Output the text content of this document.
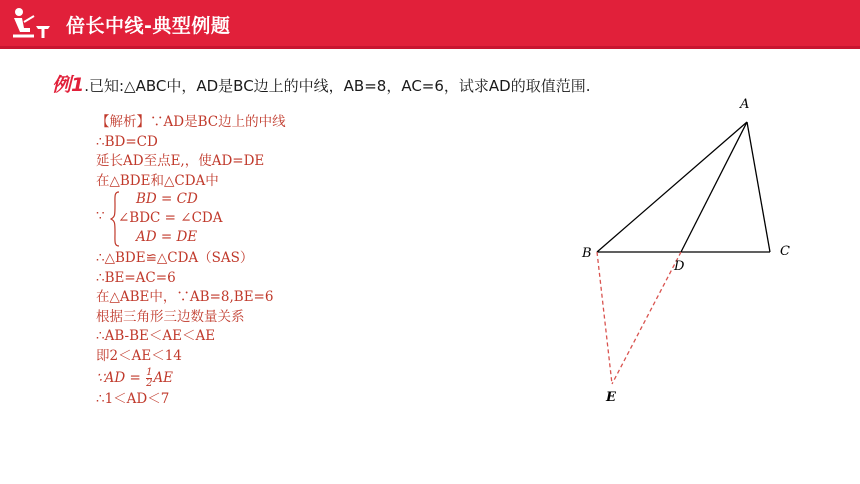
倍长中线-典型例题
例1.已知:△ABC中，AD是BC边上的中线，AB=8，AC=6，试求AD的取值范围.
【解析】∵AD是BC边上的中线
∴BD=CD
延长AD至点E,，使AD=DE
在△BDE和△CDA中
∵
BD = CD
∠BDC = ∠CDA
AD = DE
∴△BDE≌△CDA（SAS）
∴BE=AC=6
在△ABE中，∵AB=8,BE=6
根据三角形三边数量关系
∴AB-BE＜AE＜AE
即2＜AE＜14
∵AD = $\frac{1}{2}$ AE
∴1＜AD＜7
A
B	C
D
E
